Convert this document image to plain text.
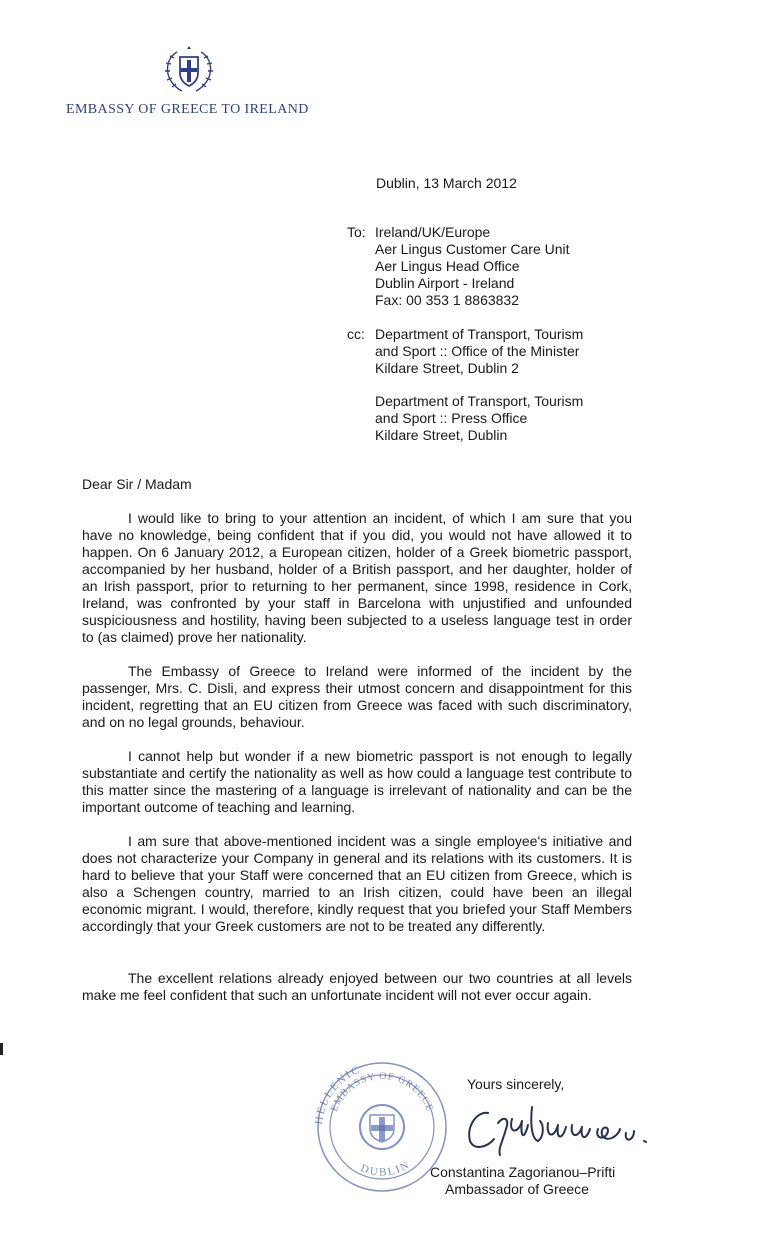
EMBASSY OF GREECE TO IRELAND
Dublin, 13 March 2012
To: Ireland/UK/Europe
Aer Lingus Customer Care Unit
Aer Lingus Head Office
Dublin Airport - Ireland
Fax: 00 353 1 8863832
cc: Department of Transport, Tourism
and Sport :: Office of the Minister
Kildare Street, Dublin 2
Department of Transport, Tourism
and Sport :: Press Office
Kildare Street, Dublin
Dear Sir / Madam
I would like to bring to your attention an incident, of which I am sure that you have no knowledge, being confident that if you did, you would not have allowed it to happen. On 6 January 2012, a European citizen, holder of a Greek biometric passport, accompanied by her husband, holder of a British passport, and her daughter, holder of an Irish passport, prior to returning to her permanent, since 1998, residence in Cork, Ireland, was confronted by your staff in Barcelona with unjustified and unfounded suspiciousness and hostility, having been subjected to a useless language test in order to (as claimed) prove her nationality.
The Embassy of Greece to Ireland were informed of the incident by the passenger, Mrs. C. Disli, and express their utmost concern and disappointment for this incident, regretting that an EU citizen from Greece was faced with such discriminatory, and on no legal grounds, behaviour.
I cannot help but wonder if a new biometric passport is not enough to legally substantiate and certify the nationality as well as how could a language test contribute to this matter since the mastering of a language is irrelevant of nationality and can be the important outcome of teaching and learning.
I am sure that above-mentioned incident was a single employee's initiative and does not characterize your Company in general and its relations with its customers. It is hard to believe that your Staff were concerned that an EU citizen from Greece, which is also a Schengen country, married to an Irish citizen, could have been an illegal economic migrant. I would, therefore, kindly request that you briefed your Staff Members accordingly that your Greek customers are not to be treated any differently.
The excellent relations already enjoyed between our two countries at all levels make me feel confident that such an unfortunate incident will not ever occur again.
EMBASSY OF GREECE
HELLENIC
DUBLIN
Yours sincerely,
Constantina Zagorianou–Prifti
Ambassador of Greece
